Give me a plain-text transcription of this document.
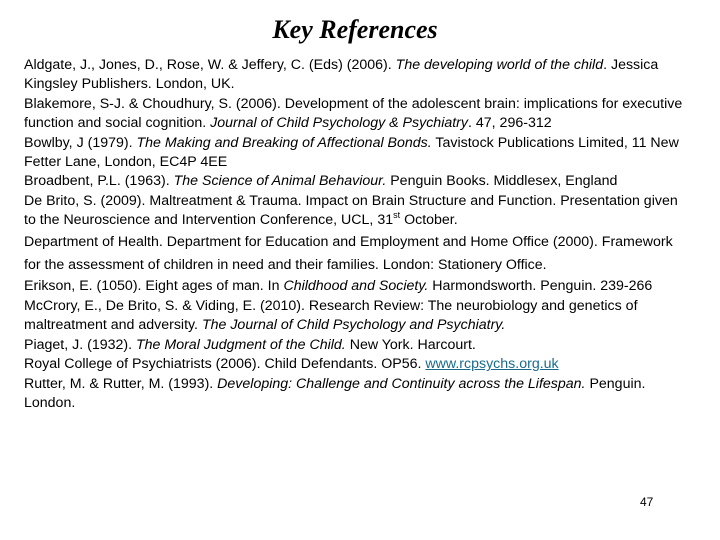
Key References

Aldgate, J., Jones, D., Rose, W. & Jeffery, C. (Eds) (2006). The developing world of the child. Jessica Kingsley Publishers. London, UK.

Blakemore, S-J. & Choudhury, S. (2006). Development of the adolescent brain: implications for executive function and social cognition. Journal of Child Psychology & Psychiatry. 47, 296-312

Bowlby, J (1979). The Making and Breaking of Affectional Bonds. Tavistock Publications Limited, 11 New Fetter Lane, London, EC4P 4EE

Broadbent, P.L. (1963). The Science of Animal Behaviour. Penguin Books. Middlesex, England

De Brito, S. (2009). Maltreatment & Trauma. Impact on Brain Structure and Function. Presentation given to the Neuroscience and Intervention Conference, UCL, 31st October.

Department of Health. Department for Education and Employment and Home Office (2000). Framework for the assessment of children in need and their families. London: Stationery Office.

Erikson, E. (1050). Eight ages of man. In Childhood and Society. Harmondsworth. Penguin. 239-266

McCrory, E., De Brito, S. & Viding, E. (2010). Research Review: The neurobiology and genetics of maltreatment and adversity. The Journal of Child Psychology and Psychiatry.

Piaget, J. (1932). The Moral Judgment of the Child. New York. Harcourt.

Royal College of Psychiatrists (2006). Child Defendants. OP56. www.rcpsychs.org.uk

Rutter, M. & Rutter, M. (1993). Developing: Challenge and Continuity across the Lifespan. Penguin. London.

47
